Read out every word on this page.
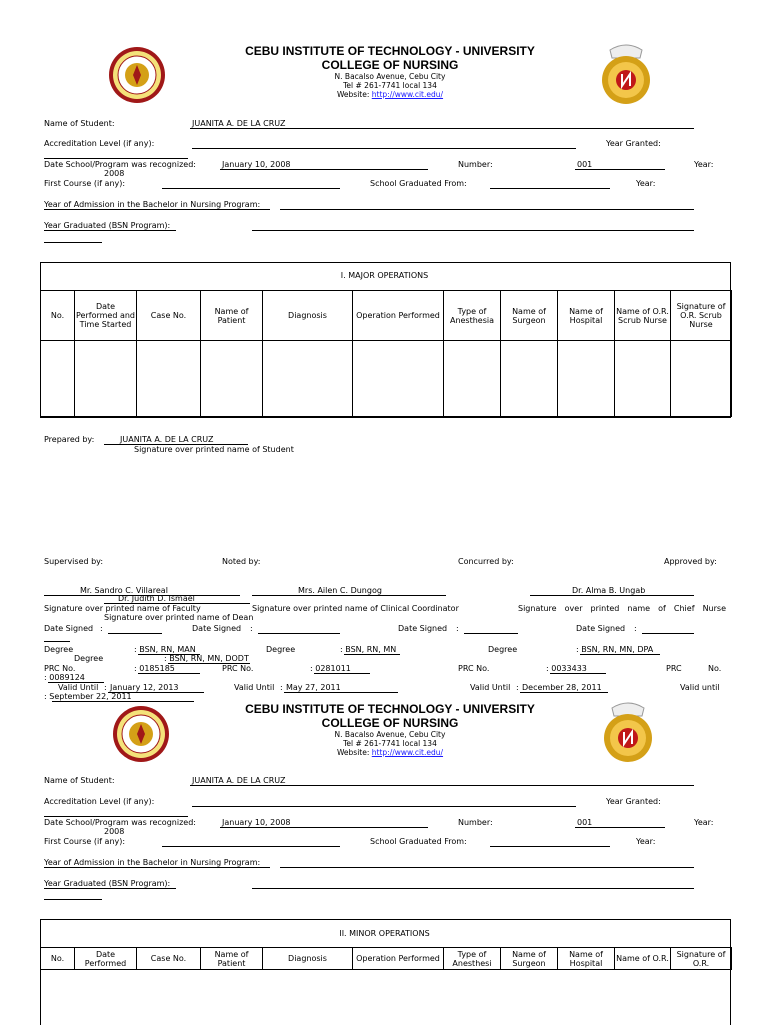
CEBU INSTITUTE OF TECHNOLOGY - UNIVERSITY
COLLEGE OF NURSING
N. Bacalso Avenue, Cebu City
Tel # 261-7741 local 134
Website: http://www.cit.edu/
Name of Student:	JUANITA A. DE LA CRUZ
Accreditation Level (if any):	Year Granted:
Date School/Program was recognized:	January 10, 2008	Number:	001	Year:
2008
First Course (if any):	School Graduated From:	Year:
Year of Admission in the Bachelor in Nursing Program:
Year Graduated (BSN Program):
I. MAJOR OPERATIONS
No.	Date Performed and Time Started	Case No.	Name of Patient	Diagnosis	Operation Performed	Type of Anesthesia	Name of Surgeon	Name of Hospital	Name of O.R. Scrub Nurse	Signature of O.R. Scrub Nurse

Prepared by:	JUANITA A. DE LA CRUZ
Signature over printed name of Student
Supervised by:	Noted by:	Concurred by:	Approved by:
Mr. Sandro C. Villareal	Mrs. Ailen C. Dungog	Dr. Alma B. Ungab
Dr. Judith D. Ismael
Signature over printed name of Faculty	Signature over printed name of Clinical Coordinator	Signature over printed name of Chief Nurse
Signature over printed name of Dean
Date Signed :	Date Signed :	Date Signed :	Date Signed :
Degree	: BSN, RN, MAN	Degree	: BSN, RN, MN	Degree	: BSN, RN, MN, DPA
Degree	: BSN, RN, MN, DODT
PRC No.	: 0185185	PRC No.	: 0281011	PRC No.	: 0033433	PRC	No.
: 0089124
Valid Until : January 12, 2013	Valid Until : May 27, 2011	Valid Until : December 28, 2011	Valid until
: September 22, 2011
CEBU INSTITUTE OF TECHNOLOGY - UNIVERSITY
COLLEGE OF NURSING
N. Bacalso Avenue, Cebu City
Tel # 261-7741 local 134
Website: http://www.cit.edu/
Name of Student:	JUANITA A. DE LA CRUZ
Accreditation Level (if any):	Year Granted:
Date School/Program was recognized:	January 10, 2008	Number:	001	Year:
2008
First Course (if any):	School Graduated From:	Year:
Year of Admission in the Bachelor in Nursing Program:
Year Graduated (BSN Program):
II. MINOR OPERATIONS
No.	Date Performed	Case No.	Name of Patient	Diagnosis	Operation Performed	Type of Anesthesi	Name of Surgeon	Name of Hospital	Name of O.R.	Signature of O.R.
